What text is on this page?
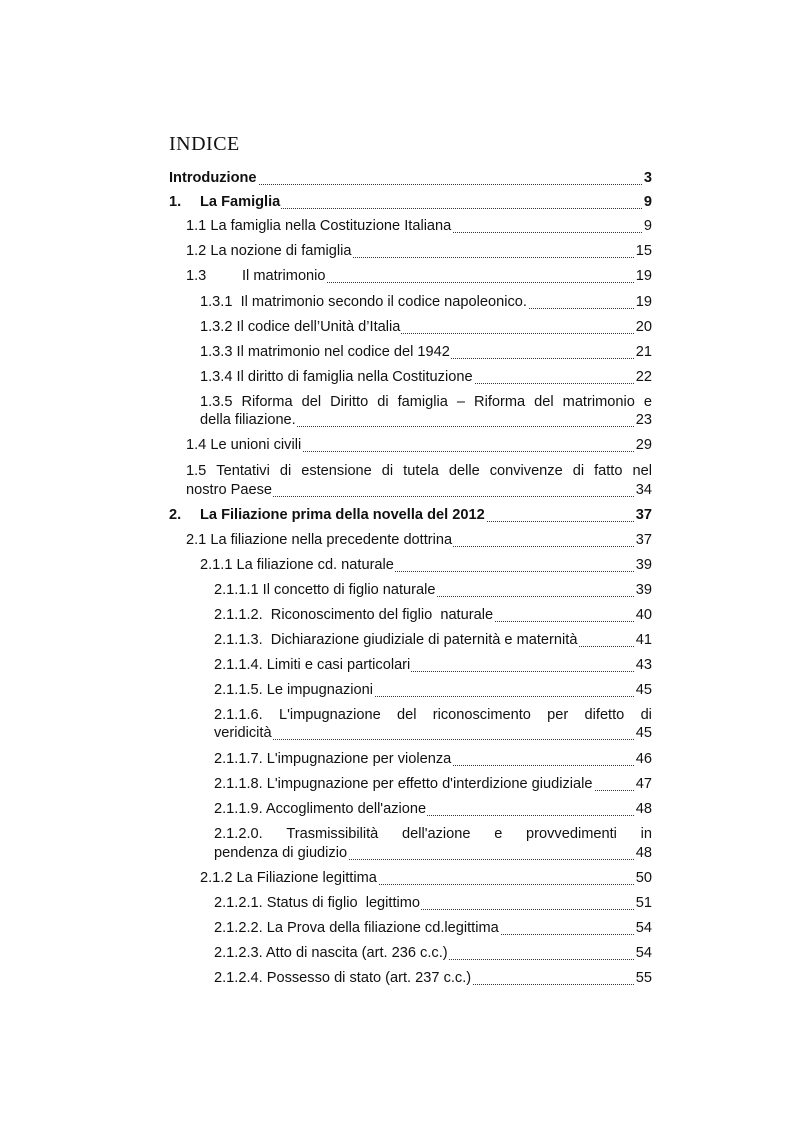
INDICE
Introduzione	3
1. La Famiglia	9
1.1 La famiglia nella Costituzione Italiana	9
1.2 La nozione di famiglia	15
1.3 Il matrimonio	19
1.3.1  Il matrimonio secondo il codice napoleonico.	19
1.3.2 Il codice dell’Unità d’Italia	20
1.3.3 Il matrimonio nel codice del 1942	21
1.3.4 Il diritto di famiglia nella Costituzione	22
1.3.5 Riforma del Diritto di famiglia – Riforma del matrimonio e
della filiazione.	23
1.4 Le unioni civili	29
1.5 Tentativi di estensione di tutela delle convivenze di fatto nel
nostro Paese	34
2. La Filiazione prima della novella del 2012	37
2.1 La filiazione nella precedente dottrina	37
2.1.1 La filiazione cd. naturale	39
2.1.1.1 Il concetto di figlio naturale	39
2.1.1.2.  Riconoscimento del figlio  naturale	40
2.1.1.3.  Dichiarazione giudiziale di paternità e maternità	41
2.1.1.4. Limiti e casi particolari	43
2.1.1.5. Le impugnazioni	45
2.1.1.6. L'impugnazione del riconoscimento per difetto di
veridicità	45
2.1.1.7. L'impugnazione per violenza	46
2.1.1.8. L'impugnazione per effetto d'interdizione giudiziale	47
2.1.1.9. Accoglimento dell'azione	48
2.1.2.0. Trasmissibilità dell'azione e provvedimenti in
pendenza di giudizio	48
2.1.2 La Filiazione legittima	50
2.1.2.1. Status di figlio  legittimo	51
2.1.2.2. La Prova della filiazione cd.legittima	54
2.1.2.3. Atto di nascita (art. 236 c.c.)	54
2.1.2.4. Possesso di stato (art. 237 c.c.)	55
